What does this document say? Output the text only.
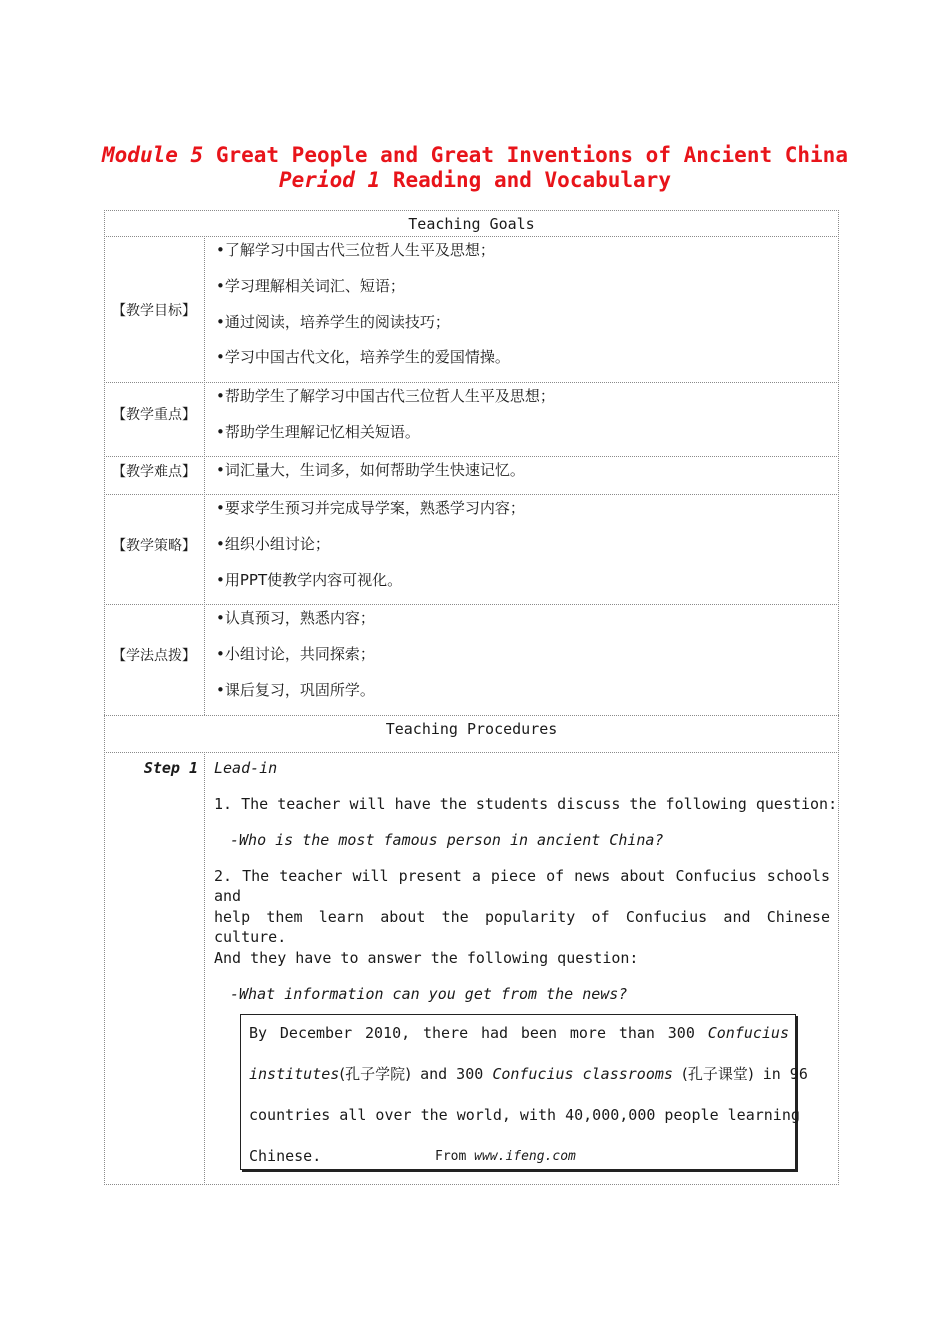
Module 5 Great People and Great Inventions of Ancient China
Period 1 Reading and Vocabulary
Teaching Goals
Teaching Procedures
【教学目标】
•了解学习中国古代三位哲人生平及思想；
•学习理解相关词汇、短语；
•通过阅读，培养学生的阅读技巧；
•学习中国古代文化，培养学生的爱国情操。
【教学重点】
•帮助学生了解学习中国古代三位哲人生平及思想；
•帮助学生理解记忆相关短语。
【教学难点】	•词汇量大，生词多，如何帮助学生快速记忆。
【教学策略】
•要求学生预习并完成导学案，熟悉学习内容；
•组织小组讨论；
•用PPT使教学内容可视化。
【学法点拨】
•认真预习，熟悉内容；
•小组讨论，共同探索；
•课后复习，巩固所学。
Step 1 Lead-in
1. The teacher will have the students discuss the following question:
-Who is the most famous person in ancient China?
2. The teacher will present a piece of news about Confucius schools and
help them learn about the popularity of Confucius and Chinese culture.
And they have to answer the following question:
-What information can you get from the news?
By December 2010, there had been more than 300 Confucius
institutes(孔子学院) and 300 Confucius classrooms (孔子课堂) in 96
countries all over the world, with 40,000,000 people learning
Chinese.	From www.ifeng.com
